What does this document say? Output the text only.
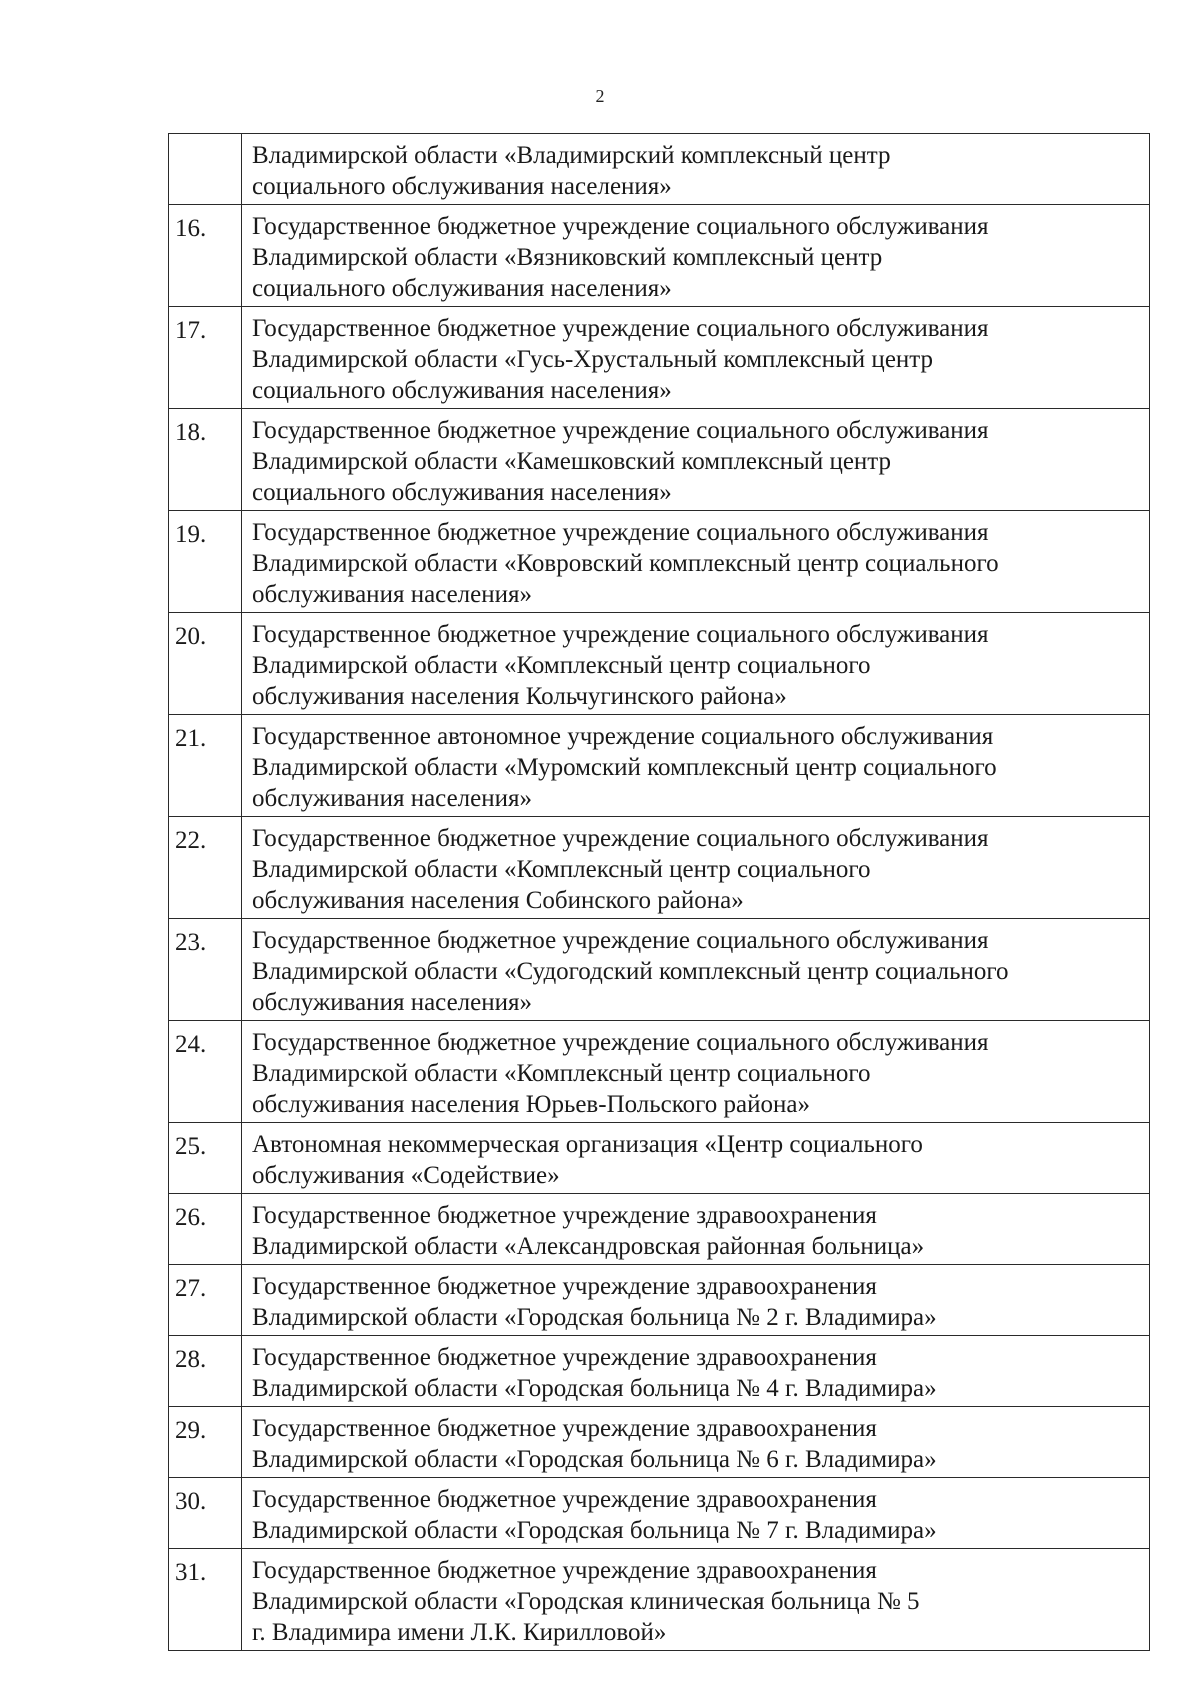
2

	Владимирской области «Владимирский комплексный центр
социального обслуживания населения»

16.	Государственное бюджетное учреждение социального обслуживания
Владимирской области «Вязниковский комплексный центр
социального обслуживания населения»

17.	Государственное бюджетное учреждение социального обслуживания
Владимирской области «Гусь-Хрустальный комплексный центр
социального обслуживания населения»

18.	Государственное бюджетное учреждение социального обслуживания
Владимирской области «Камешковский комплексный центр
социального обслуживания населения»

19.	Государственное бюджетное учреждение социального обслуживания
Владимирской области «Ковровский комплексный центр социального
обслуживания населения»

20.	Государственное бюджетное учреждение социального обслуживания
Владимирской области «Комплексный центр социального
обслуживания населения Кольчугинского района»

21.	Государственное автономное учреждение социального обслуживания
Владимирской области «Муромский комплексный центр социального
обслуживания населения»

22.	Государственное бюджетное учреждение социального обслуживания
Владимирской области «Комплексный центр социального
обслуживания населения Собинского района»

23.	Государственное бюджетное учреждение социального обслуживания
Владимирской области «Судогодский комплексный центр социального
обслуживания населения»

24.	Государственное бюджетное учреждение социального обслуживания
Владимирской области «Комплексный центр социального
обслуживания населения Юрьев-Польского района»

25.	Автономная некоммерческая организация «Центр социального
обслуживания «Содействие»

26.	Государственное бюджетное учреждение здравоохранения
Владимирской области «Александровская районная больница»

27.	Государственное бюджетное учреждение здравоохранения
Владимирской области «Городская больница № 2 г. Владимира»

28.	Государственное бюджетное учреждение здравоохранения
Владимирской области «Городская больница № 4 г. Владимира»

29.	Государственное бюджетное учреждение здравоохранения
Владимирской области «Городская больница № 6 г. Владимира»

30.	Государственное бюджетное учреждение здравоохранения
Владимирской области «Городская больница № 7 г. Владимира»

31.	Государственное бюджетное учреждение здравоохранения
Владимирской области «Городская клиническая больница № 5
г. Владимира имени Л.К. Кирилловой»
